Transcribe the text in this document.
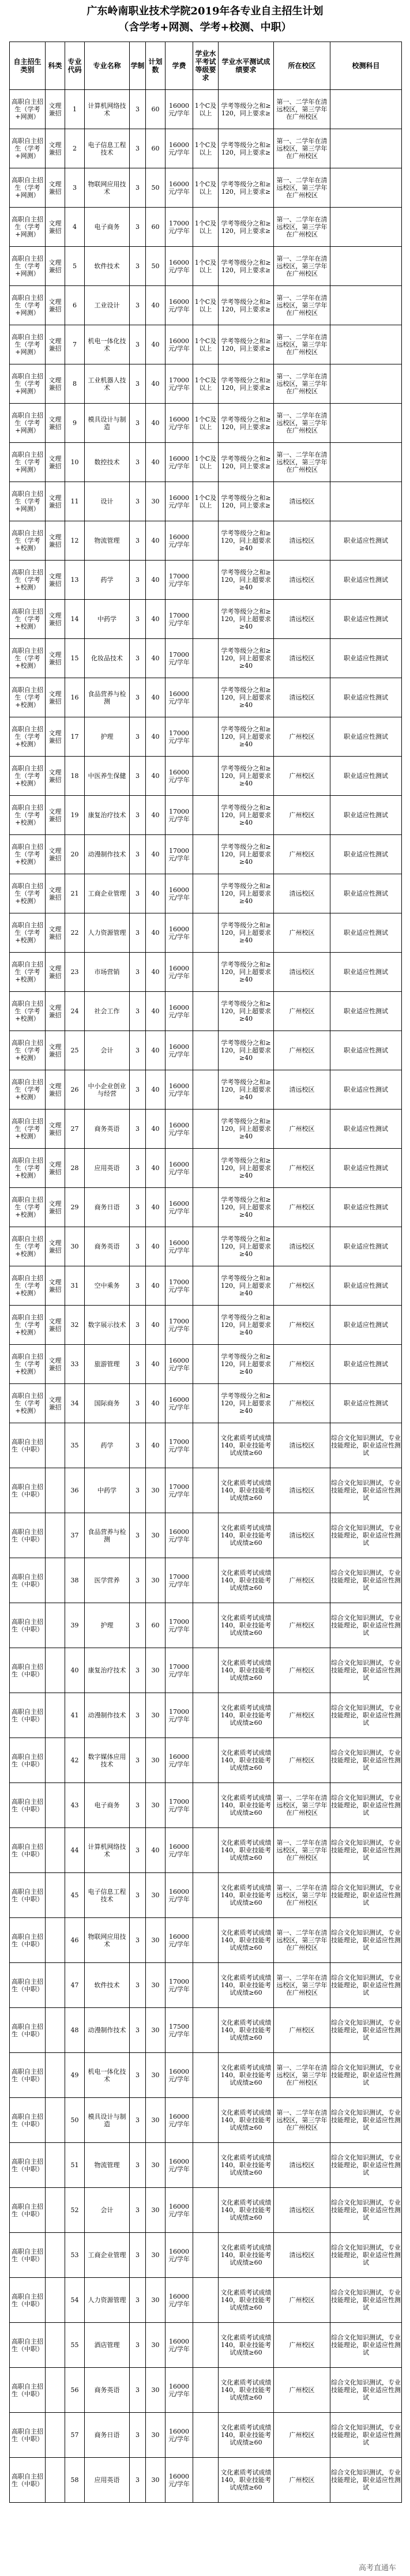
广东岭南职业技术学院2019年各专业自主招生计划
（含学考+网测、学考+校测、中职）
自主招生类别	科类	专业代码	专业名称	学制	计划数	学费	学业水平考试等级要求	学业水平测试成绩要求	所在校区	校测科目
高职自主招生（学考+网测）	文理兼招	1	计算机网络技术	3	60	16000元/学年	1个C及以上	学考等级分之和≥120，同上要求≥	第一、二学年在清远校区，第三学年在广州校区	
高职自主招生（学考+网测）	文理兼招	2	电子信息工程技术	3	60	16000元/学年	1个C及以上	学考等级分之和≥120，同上要求≥	第一、二学年在清远校区，第三学年在广州校区	
高职自主招生（学考+网测）	文理兼招	3	物联网应用技术	3	50	16000元/学年	1个C及以上	学考等级分之和≥120，同上要求≥	第一、二学年在清远校区，第三学年在广州校区	
高职自主招生（学考+网测）	文理兼招	4	电子商务	3	60	17000元/学年	1个C及以上	学考等级分之和≥120，同上要求≥	第一、二学年在清远校区，第三学年在广州校区	
高职自主招生（学考+网测）	文理兼招	5	软件技术	3	50	16000元/学年	1个C及以上	学考等级分之和≥120，同上要求≥	第一、二学年在清远校区，第三学年在广州校区	
高职自主招生（学考+网测）	文理兼招	6	工业设计	3	40	16000元/学年	1个C及以上	学考等级分之和≥120，同上要求≥	第一、二学年在清远校区，第三学年在广州校区	
高职自主招生（学考+网测）	文理兼招	7	机电一体化技术	3	40	16000元/学年	1个C及以上	学考等级分之和≥120，同上要求≥	第一、二学年在清远校区，第三学年在广州校区	
高职自主招生（学考+网测）	文理兼招	8	工业机器人技术	3	40	17000元/学年	1个C及以上	学考等级分之和≥120，同上要求≥	第一、二学年在清远校区，第三学年在广州校区	
高职自主招生（学考+网测）	文理兼招	9	模具设计与制造	3	40	16000元/学年	1个C及以上	学考等级分之和≥120，同上要求≥	第一、二学年在清远校区，第三学年在广州校区	
高职自主招生（学考+网测）	文理兼招	10	数控技术	3	40	16000元/学年	1个C及以上	学考等级分之和≥120，同上要求≥	第一、二学年在清远校区，第三学年在广州校区	
高职自主招生（学考+网测）	文理兼招	11	设计	3	30	16000元/学年	1个C及以上	学考等级分之和≥120，同上要求≥	清远校区	
高职自主招生（学考+校测）	文理兼招	12	物流管理	3	40	16000元/学年		学考等级分之和≥120，同上超要求≥40	清远校区	职业适应性测试
高职自主招生（学考+校测）	文理兼招	13	药学	3	40	17000元/学年		学考等级分之和≥120，同上超要求≥40	清远校区	职业适应性测试
高职自主招生（学考+校测）	文理兼招	14	中药学	3	40	17000元/学年		学考等级分之和≥120，同上超要求≥40	清远校区	职业适应性测试
高职自主招生（学考+校测）	文理兼招	15	化妆品技术	3	40	17000元/学年		学考等级分之和≥120，同上超要求≥40	清远校区	职业适应性测试
高职自主招生（学考+校测）	文理兼招	16	食品营养与检测	3	40	16000元/学年		学考等级分之和≥120，同上超要求≥40	清远校区	职业适应性测试
高职自主招生（学考+校测）	文理兼招	17	护理	3	40	17000元/学年		学考等级分之和≥120，同上超要求≥40	广州校区	职业适应性测试
高职自主招生（学考+校测）	文理兼招	18	中医养生保健	3	40	16000元/学年		学考等级分之和≥120，同上超要求≥40	广州校区	职业适应性测试
高职自主招生（学考+校测）	文理兼招	19	康复治疗技术	3	40	17000元/学年		学考等级分之和≥120，同上超要求≥40	广州校区	职业适应性测试
高职自主招生（学考+校测）	文理兼招	20	动漫制作技术	3	40	17000元/学年		学考等级分之和≥120，同上超要求≥40	广州校区	职业适应性测试
高职自主招生（学考+校测）	文理兼招	21	工商企业管理	3	40	16000元/学年		学考等级分之和≥120，同上超要求≥40	清远校区	职业适应性测试
高职自主招生（学考+校测）	文理兼招	22	人力资源管理	3	40	16000元/学年		学考等级分之和≥120，同上超要求≥40	广州校区	职业适应性测试
高职自主招生（学考+校测）	文理兼招	23	市场营销	3	40	16000元/学年		学考等级分之和≥120，同上超要求≥40	清远校区	职业适应性测试
高职自主招生（学考+校测）	文理兼招	24	社会工作	3	40	16000元/学年		学考等级分之和≥120，同上超要求≥40	广州校区	职业适应性测试
高职自主招生（学考+校测）	文理兼招	25	会计	3	40	16000元/学年		学考等级分之和≥120，同上超要求≥40	广州校区	职业适应性测试
高职自主招生（学考+校测）	文理兼招	26	中小企业创业与经营	3	40	16000元/学年		学考等级分之和≥120，同上超要求≥40	清远校区	职业适应性测试
高职自主招生（学考+校测）	文理兼招	27	商务英语	3	40	16000元/学年		学考等级分之和≥120，同上超要求≥40	广州校区	职业适应性测试
高职自主招生（学考+校测）	文理兼招	28	应用英语	3	40	16000元/学年		学考等级分之和≥120，同上超要求≥40	广州校区	职业适应性测试
高职自主招生（学考+校测）	文理兼招	29	商务日语	3	40	16000元/学年		学考等级分之和≥120，同上超要求≥40	广州校区	职业适应性测试
高职自主招生（学考+校测）	文理兼招	30	商务英语	3	40	16000元/学年		学考等级分之和≥120，同上超要求≥40	清远校区	职业适应性测试
高职自主招生（学考+校测）	文理兼招	31	空中乘务	3	40	17000元/学年		学考等级分之和≥120，同上超要求≥40	广州校区	职业适应性测试
高职自主招生（学考+校测）	文理兼招	32	数字展示技术	3	40	17000元/学年		学考等级分之和≥120，同上超要求≥40	广州校区	职业适应性测试
高职自主招生（学考+校测）	文理兼招	33	旅游管理	3	40	16000元/学年		学考等级分之和≥120，同上超要求≥40	广州校区	职业适应性测试
高职自主招生（学考+校测）	文理兼招	34	国际商务	3	40	16000元/学年		学考等级分之和≥120，同上超要求≥40	广州校区	职业适应性测试
高职自主招生（中职）		35	药学	3	40	17000元/学年		文化素质考试成绩140，职业技能考试成绩≥60	清远校区	综合文化知识测试，专业技能理论，职业适应性测试
高职自主招生（中职）		36	中药学	3	30	17000元/学年		文化素质考试成绩140，职业技能考试成绩≥60	清远校区	综合文化知识测试，专业技能理论，职业适应性测试
高职自主招生（中职）		37	食品营养与检测	3	30	16000元/学年		文化素质考试成绩140，职业技能考试成绩≥60	清远校区	综合文化知识测试，专业技能理论，职业适应性测试
高职自主招生（中职）		38	医学营养	3	30	17000元/学年		文化素质考试成绩140，职业技能考试成绩≥60	广州校区	综合文化知识测试，专业技能理论，职业适应性测试
高职自主招生（中职）		39	护理	3	60	17000元/学年		文化素质考试成绩140，职业技能考试成绩≥60	广州校区	综合文化知识测试，专业技能理论，职业适应性测试
高职自主招生（中职）		40	康复治疗技术	3	30	17000元/学年		文化素质考试成绩140，职业技能考试成绩≥60	广州校区	综合文化知识测试，专业技能理论，职业适应性测试
高职自主招生（中职）		41	动漫制作技术	3	30	17000元/学年		文化素质考试成绩140，职业技能考试成绩≥60	广州校区	综合文化知识测试，专业技能理论，职业适应性测试
高职自主招生（中职）		42	数字媒体应用技术	3	30	16000元/学年		文化素质考试成绩140，职业技能考试成绩≥60	广州校区	综合文化知识测试，专业技能理论，职业适应性测试
高职自主招生（中职）		43	电子商务	3	30	17000元/学年		文化素质考试成绩140，职业技能考试成绩≥60	第一、二学年在清远校区，第三学年在广州校区	综合文化知识测试，专业技能理论，职业适应性测试
高职自主招生（中职）		44	计算机网络技术	3	40	16000元/学年		文化素质考试成绩140，职业技能考试成绩≥60	第一、二学年在清远校区，第三学年在广州校区	综合文化知识测试，专业技能理论，职业适应性测试
高职自主招生（中职）		45	电子信息工程技术	3	30	16000元/学年		文化素质考试成绩140，职业技能考试成绩≥60	第一、二学年在清远校区，第三学年在广州校区	综合文化知识测试，专业技能理论，职业适应性测试
高职自主招生（中职）		46	物联网应用技术	3	30	16000元/学年		文化素质考试成绩140，职业技能考试成绩≥60	第一、二学年在清远校区，第三学年在广州校区	综合文化知识测试，专业技能理论，职业适应性测试
高职自主招生（中职）		47	软件技术	3	30	17000元/学年		文化素质考试成绩140，职业技能考试成绩≥60	第一、二学年在清远校区，第三学年在广州校区	综合文化知识测试，专业技能理论，职业适应性测试
高职自主招生（中职）		48	动漫制作技术	3	30	17500元/学年		文化素质考试成绩140，职业技能考试成绩≥60	广州校区	综合文化知识测试，专业技能理论，职业适应性测试
高职自主招生（中职）		49	机电一体化技术	3	30	16000元/学年		文化素质考试成绩140，职业技能考试成绩≥60	第一、二学年在清远校区，第三学年在广州校区	综合文化知识测试，专业技能理论，职业适应性测试
高职自主招生（中职）		50	模具设计与制造	3	30	16000元/学年		文化素质考试成绩140，职业技能考试成绩≥60	第一、二学年在清远校区，第三学年在广州校区	综合文化知识测试，专业技能理论，职业适应性测试
高职自主招生（中职）		51	物流管理	3	30	16000元/学年		文化素质考试成绩140，职业技能考试成绩≥60	清远校区	综合文化知识测试，专业技能理论，职业适应性测试
高职自主招生（中职）		52	会计	3	30	16000元/学年		文化素质考试成绩140，职业技能考试成绩≥60	清远校区	综合文化知识测试，专业技能理论，职业适应性测试
高职自主招生（中职）		53	工商企业管理	3	30	16000元/学年		文化素质考试成绩140，职业技能考试成绩≥60	清远校区	综合文化知识测试，专业技能理论，职业适应性测试
高职自主招生（中职）		54	人力资源管理	3	30	16000元/学年		文化素质考试成绩140，职业技能考试成绩≥60	广州校区	综合文化知识测试，专业技能理论，职业适应性测试
高职自主招生（中职）		55	酒店管理	3	30	16000元/学年		文化素质考试成绩140，职业技能考试成绩≥60	广州校区	综合文化知识测试，专业技能理论，职业适应性测试
高职自主招生（中职）		56	商务英语	3	30	16000元/学年		文化素质考试成绩140，职业技能考试成绩≥60	广州校区	综合文化知识测试，专业技能理论，职业适应性测试
高职自主招生（中职）		57	商务日语	3	30	16000元/学年		文化素质考试成绩140，职业技能考试成绩≥60	广州校区	综合文化知识测试，专业技能理论，职业适应性测试
高职自主招生（中职）		58	应用英语	3	30	16000元/学年		文化素质考试成绩140，职业技能考试成绩≥60	广州校区	综合文化知识测试，专业技能理论，职业适应性测试
高考直通车
